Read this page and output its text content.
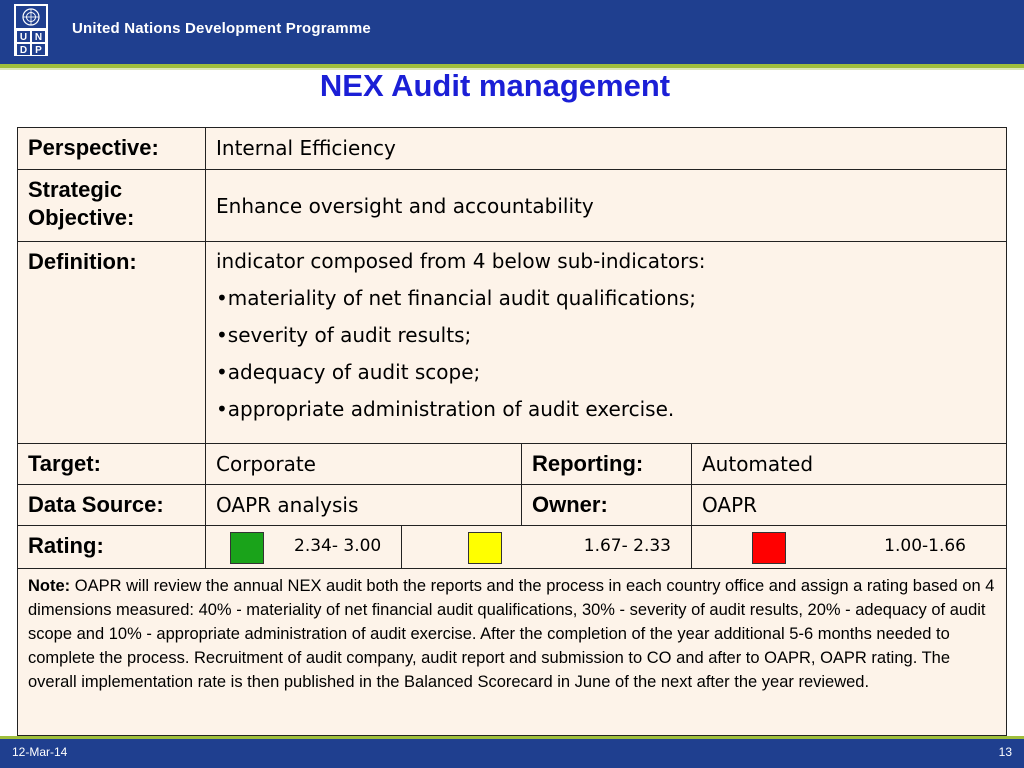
U N
D P
United Nations Development Programme
NEX Audit management
Perspective:	Internal Efficiency
Strategic
Objective:	Enhance oversight and accountability
Definition:	indicator composed from 4 below sub-indicators:
•materiality of net financial audit qualifications;
•severity of audit results;
•adequacy of audit scope;
•appropriate administration of audit exercise.
Target:	Corporate	Reporting:	Automated
Data Source:	OAPR analysis	Owner:	OAPR
Rating:	2.34- 3.00	1.67- 2.33	1.00-1.66
Note: OAPR will review the annual NEX audit both the reports and the process in each country office and assign a rating based on 4 dimensions measured: 40% - materiality of net financial audit qualifications, 30% - severity of audit results, 20% - adequacy of audit scope and 10% - appropriate administration of audit exercise. After the completion of the year additional 5-6 months needed to complete the process. Recruitment of audit company, audit report and submission to CO and after to OAPR, OAPR rating. The overall implementation rate is then published in the Balanced Scorecard in June of the next after the year reviewed.
12-Mar-14	13
